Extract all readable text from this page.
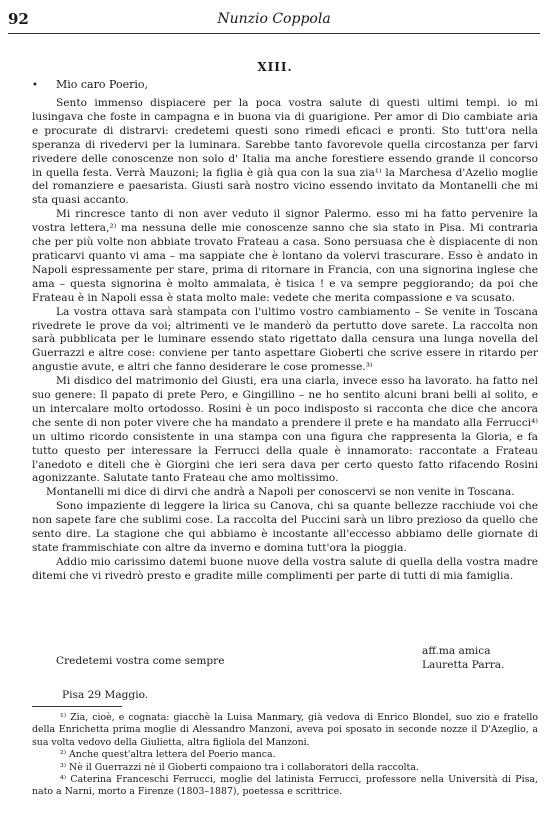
92	Nunzio Coppola
XIII.
• Mio caro Poerio,

Sento immenso dispiacere per la poca vostra salute di questi ultimi tempi. io mi lusingava che foste in campagna e in buona via di guarigione. Per amor di Dio cambiate aria e procurate di distrarvi: credetemi questi sono rimedi eficaci e pronti. Sto tutt'ora nella speranza di rivedervi per la luminara. Sarebbe tanto favorevole quella circostanza per farvi rivedere delle conoscenze non solo d' Italia ma anche forestiere essendo grande il concorso in quella festa. Verrà Mauzoni; la figlia è già qua con la sua zia¹⁾ la Marchesa d'Azelio moglie del romanziere e paesarista. Giusti sarà nostro vicino essendo invitato da Montanelli che mi sta quasi accanto.

Mi rincresce tanto di non aver veduto il signor Palermo. esso mi ha fatto pervenire la vostra lettera,²⁾ ma nessuna delle mie conoscenze sanno che sia stato in Pisa. Mi contraria che per più volte non abbiate trovato Frateau a casa. Sono persuasa che è dispiacente di non praticarvi quanto vi ama – ma sappiate che è lontano da volervi trascurare. Esso è andato in Napoli espressamente per stare, prima di ritornare in Francia, con una signorina inglese che ama – questa signorina è molto ammalata, è tisica ! e va sempre peggiorando; da poi che Frateau è in Napoli essa è stata molto male: vedete che merita compassione e va scusato.

La vostra ottava sarà stampata con l'ultimo vostro cambiamento – Se venite in Toscana rivedrete le prove da voi; altrimenti ve le manderò da pertutto dove sarete. La raccolta non sarà pubblicata per le luminare essendo stato rigettato dalla censura una lunga novella del Guerrazzi e altre cose: conviene per tanto aspettare Gioberti che scrive essere in ritardo per angustie avute, e altri che fanno desiderare le cose promesse.³⁾

Mi disdico del matrimonio del Giusti, era una ciarla, invece esso ha lavorato. ha fatto nel suo genere: Il papato di prete Pero, e Gingillino – ne ho sentito alcuni brani belli al solito, e un intercalare molto ortodosso. Rosini è un poco indisposto si racconta che dice che ancora che sente di non poter vivere che ha mandato a prendere il prete e ha mandato alla Ferrucci⁴⁾ un ultimo ricordo consistente in una stampa con una figura che rappresenta la Gloria, e fa tutto questo per interessare la Ferrucci della quale è innamorato: raccontate a Frateau l'anedoto e diteli che è Giorgini che ieri sera dava per certo questo fatto rifacendo Rosini agonizzante. Salutate tanto Frateau che amo moltissimo.

Montanelli mi dice di dirvi che andrà a Napoli per conoscervi se non venite in Toscana.

Sono impaziente di leggere la lirica su Canova, chi sa quante bellezze racchiude voi che non sapete fare che sublimi cose. La raccolta del Puccini sarà un libro prezioso da quello che sento dire. La stagione che qui abbiamo è incostante all'eccesso abbiamo delle giornate di state frammischiate con altre da inverno e domina tutt'ora la pioggia.

Addio mio carissimo datemi buone nuove della vostra salute di quella della vostra madre ditemi che vi rivedrò presto e gradite mille complimenti per parte di tutti di mia famiglia.

Credetemi vostra come sempre
aff.ma amica
Lauretta Parra.
Pisa 29 Maggio.

¹⁾ Zia, cioè, e cognata: giacchè la Luisa Manmary, già vedova di Enrico Blondel, suo zio e fratello della Enrichetta prima moglie di Alessandro Manzoni, aveva poi sposato in seconde nozze il D'Azeglio, a sua volta vedovo della Giulietta, altra figliola del Manzoni.

²⁾ Anche quest'altra lettera del Poerio manca.

³⁾ Nè il Guerrazzi nè il Gioberti compaiono tra i collaboratori della raccolta.

⁴⁾ Caterina Franceschi Ferrucci, moglie del latinista Ferrucci, professore nella Università di Pisa, nato a Narni, morto a Firenze (1803–1887), poetessa e scrittrice.
